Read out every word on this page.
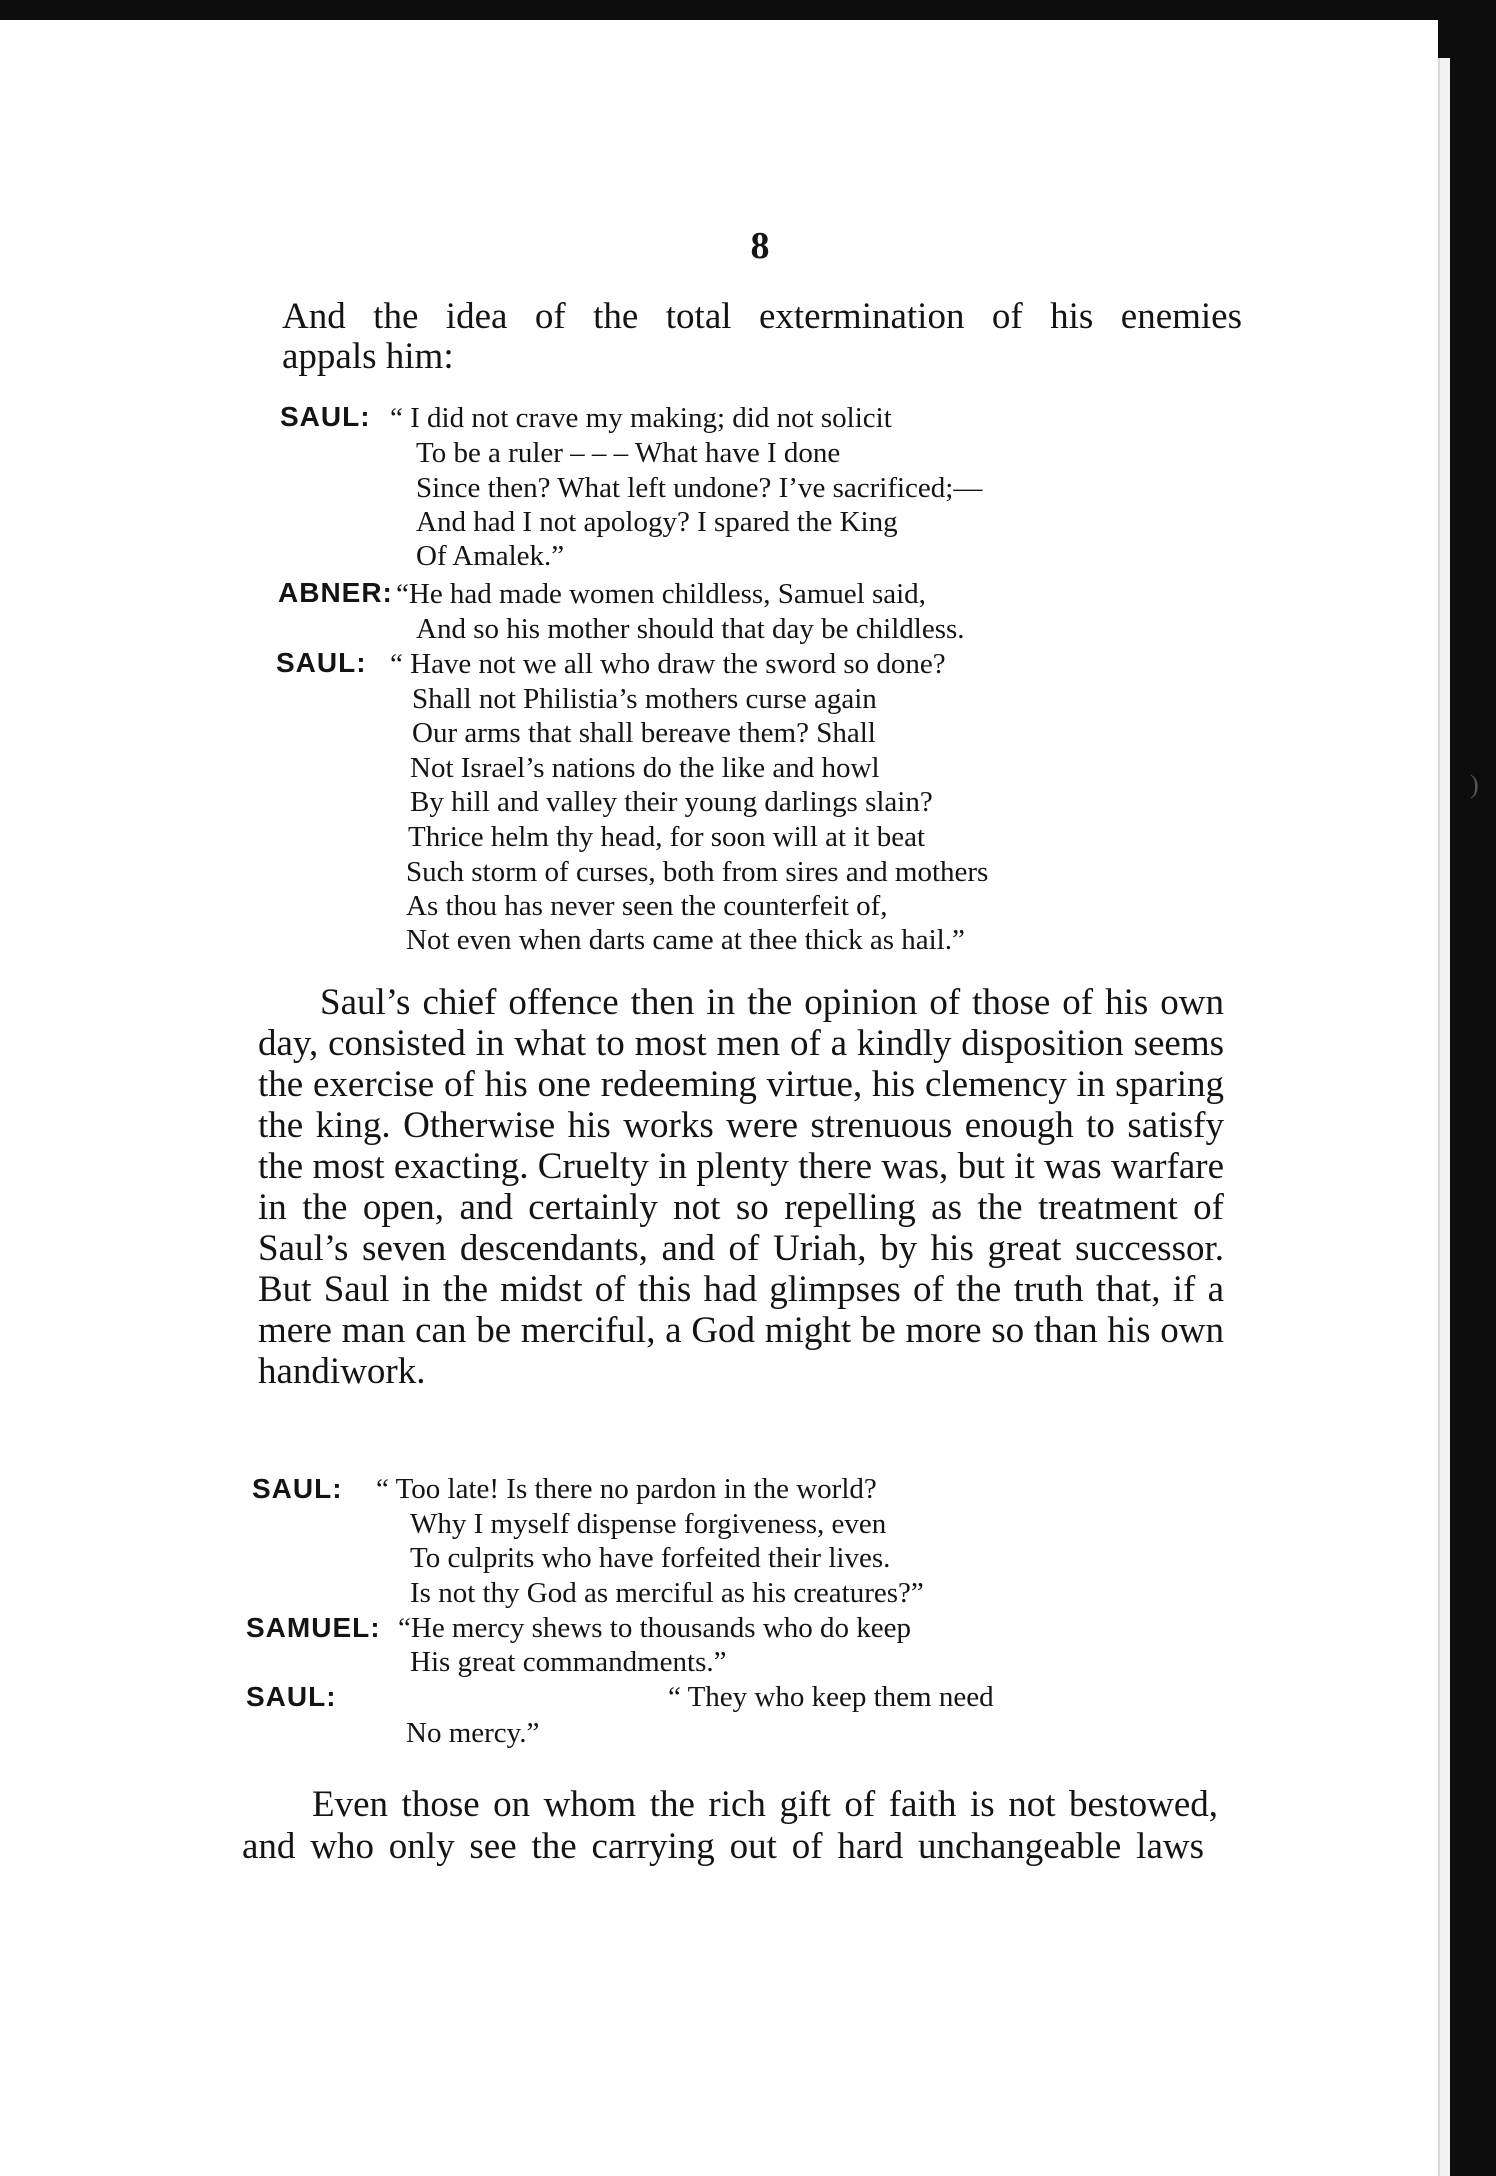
)
8
And the idea of the total extermination of his enemies
appals him:
SAUL: “ I did not crave my making; did not solicit
To be a ruler – – – What have I done
Since then? What left undone? I’ve sacrificed;—
And had I not apology? I spared the King
Of Amalek.”
ABNER: “He had made women childless, Samuel said,
And so his mother should that day be childless.
SAUL: “ Have not we all who draw the sword so done?
Shall not Philistia’s mothers curse again
Our arms that shall bereave them? Shall
Not Israel’s nations do the like and howl
By hill and valley their young darlings slain?
Thrice helm thy head, for soon will at it beat
Such storm of curses, both from sires and mothers
As thou has never seen the counterfeit of,
Not even when darts came at thee thick as hail.”

Saul’s chief offence then in the opinion of those of his own day, consisted in what to most men of a kindly disposition seems the exercise of his one redeeming virtue, his clemency in sparing the king. Otherwise his works were strenuous enough to satisfy the most exacting. Cruelty in plenty there was, but it was warfare in the open, and certainly not so repelling as the treatment of Saul’s seven descendants, and of Uriah, by his great successor. But Saul in the midst of this had glimpses of the truth that, if a mere man can be merciful, a God might be more so than his own handiwork.

SAUL: “ Too late! Is there no pardon in the world?
Why I myself dispense forgiveness, even
To culprits who have forfeited their lives.
Is not thy God as merciful as his creatures?”
SAMUEL: “He mercy shews to thousands who do keep
His great commandments.”
SAUL:	“ They who keep them need
No mercy.”
Even those on whom the rich gift of faith is not bestowed,
and who only see the carrying out of hard unchangeable laws
